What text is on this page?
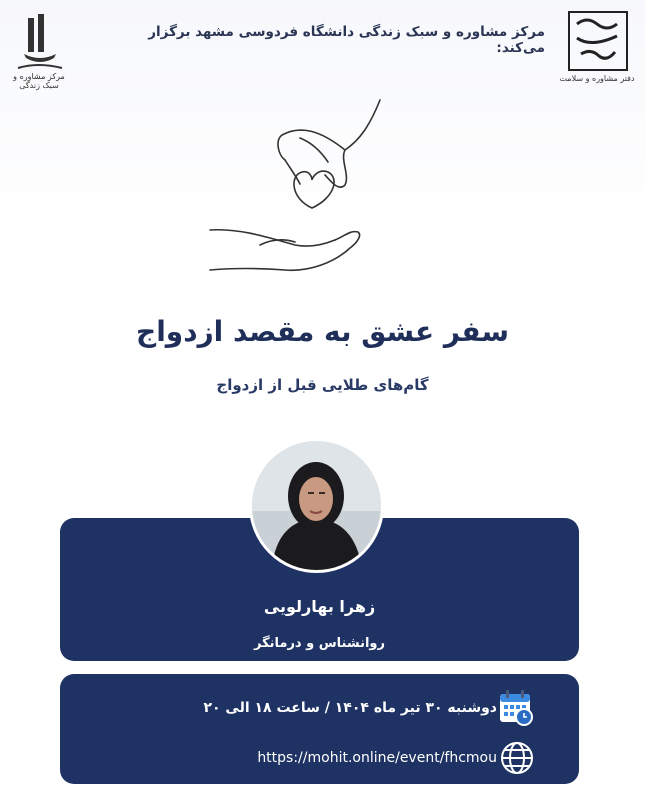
مرکز مشاوره و سبک زندگی
مرکز مشاوره و سبک زندگی دانشگاه فردوسی مشهد برگزار می‌کند:
دفتر مشاوره و سلامت
سفر عشق به مقصد ازدواج
گام‌های طلایی قبل از ازدواج
زهرا بهارلویی
روانشناس و درمانگر
دوشنبه ۳۰ تیر ماه ۱۴۰۴ / ساعت ۱۸ الی ۲۰
https://mohit.online/event/fhcmou
